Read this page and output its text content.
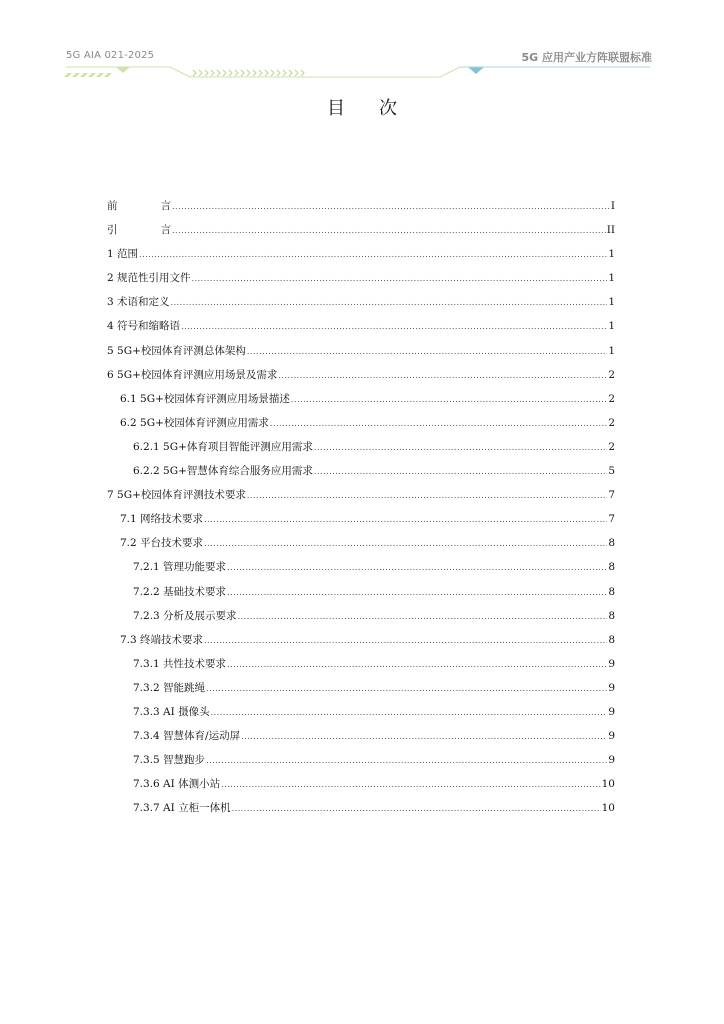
5G AIA 021-2025	5G 应用产业方阵联盟标准
目次
前言 .....	I
引言 .....	II
1 范围 .....	1
2 规范性引用文件 .....	1
3 术语和定义 .....	1
4 符号和缩略语 .....	1
5 5G+校园体育评测总体架构 .....	1
6 5G+校园体育评测应用场景及需求 .....	2
6.1 5G+校园体育评测应用场景描述 .....	2
6.2 5G+校园体育评测应用需求 .....	2
6.2.1 5G+体育项目智能评测应用需求 .....	2
6.2.2 5G+智慧体育综合服务应用需求 .....	5
7 5G+校园体育评测技术要求 .....	7
7.1 网络技术要求 .....	7
7.2 平台技术要求 .....	8
7.2.1 管理功能要求 .....	8
7.2.2 基础技术要求 .....	8
7.2.3 分析及展示要求 .....	8
7.3 终端技术要求 .....	8
7.3.1 共性技术要求 .....	9
7.3.2 智能跳绳 .....	9
7.3.3 AI 摄像头 .....	9
7.3.4 智慧体育/运动屏 .....	9
7.3.5 智慧跑步 .....	9
7.3.6 AI 体测小站 .....	10
7.3.7 AI 立柜一体机 .....	10
